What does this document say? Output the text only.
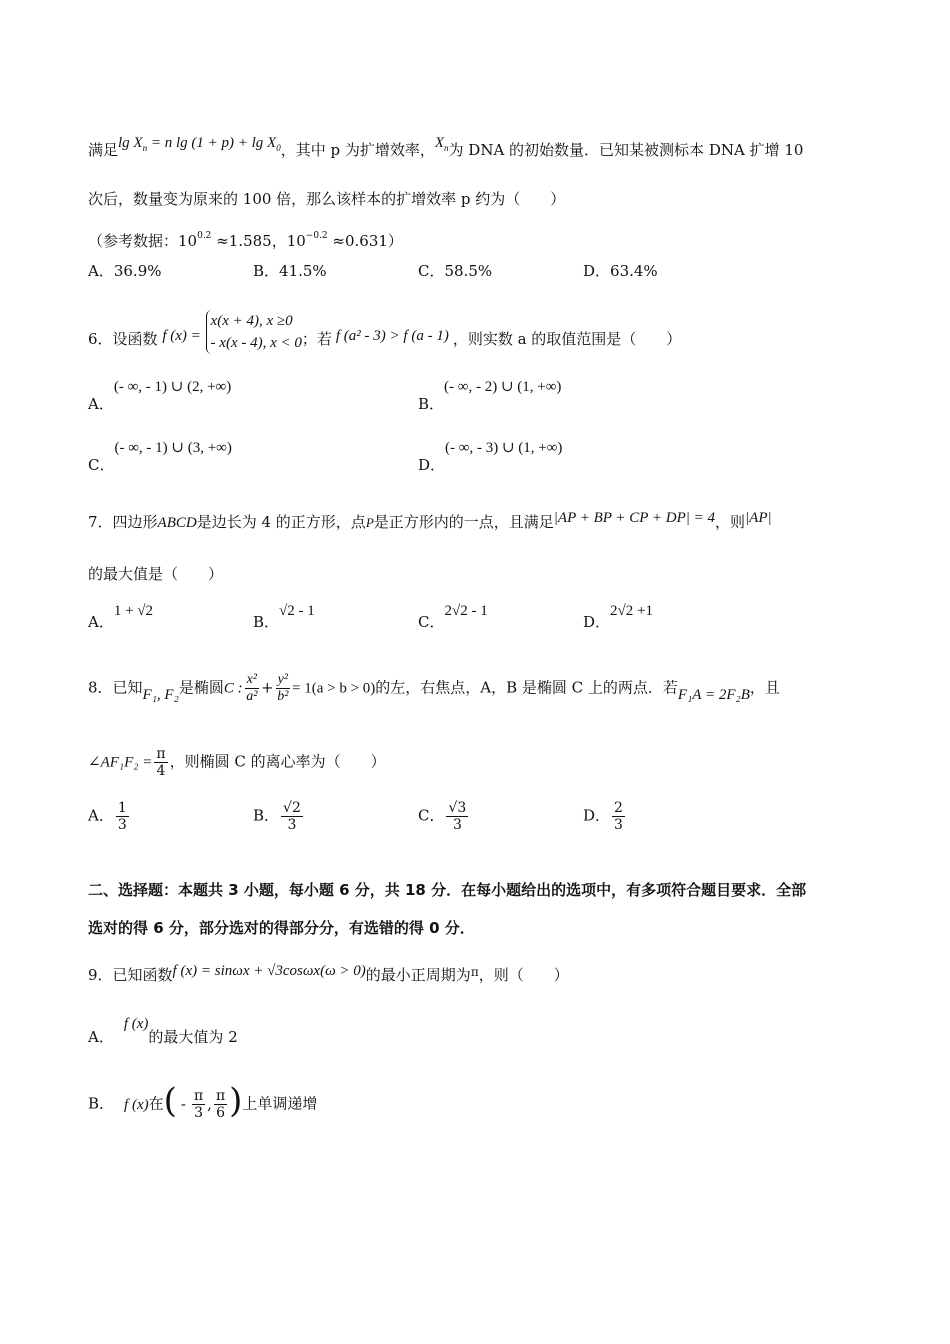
满足$\lg X_n = n$ $\lg (1 + p) + \lg X_0$，其中 p 为扩增效率，$X_n$为 DNA 的初始数量．已知某被测标本 DNA 扩增 10
次后，数量变为原来的 100 倍，那么该样本的扩增效率 p 约为（　　）
（参考数据：$10^{0.2} \approx 1.585$，$10^{-0.2} \approx 0.631$）
A．36.9%	B．41.5%	C．58.5%	D．63.4%
6．设函数 f (x) =
x(x + 4), x ≥0
- x(x - 4), x < 0 ；若 f (a² - 3) > f (a - 1) ，则实数 a 的取值范围是（　　）
A．(- ∞, - 1) ∪ (2, +∞)
B．(- ∞, - 2) ∪ (1, +∞)
C．(- ∞, - 1) ∪ (3, +∞)
D．(- ∞, - 3) ∪ (1, +∞)
7．四边形ABCD是边长为 4 的正方形，点P是正方形内的一点，且满足|AP + BP + CP + DP| = 4，则|AP|
的最大值是（　　）
A．1 + √2
B．√2 - 1
C．2√2 - 1
D．2√2 +1
8．已知F₁, F₂是椭圆C : $\frac{\text{x²}}{\text{a²}} + \frac{\text{y²}}{\text{b²}} = 1(a > b > 0)$的左，右焦点，A，B 是椭圆 C 上的两点．若F₁A = 2F₂B，且
∠AF₁F₂ = $\frac{\pi}{4}$ ，则椭圆 C 的离心率为（　　）
A． $\frac{1}{3}$	B． $\frac{√2}{3}$	C． $\frac{√3}{3}$	D． $\frac{2}{3}$
二、选择题：本题共 3 小题，每小题 6 分，共 18 分．在每小题给出的选项中，有多项符合题目要求．全部
选对的得 6 分，部分选对的得部分分，有选错的得 0 分．
9．已知函数f (x) = sinωx + √3cosωx(ω > 0)的最小正周期为$^\pi$，则（　　）
A．f (x)的最大值为 2
B． f (x)在( - $\frac{\pi}{3}$ , $\frac{\pi}{6}$ )上单调递增
